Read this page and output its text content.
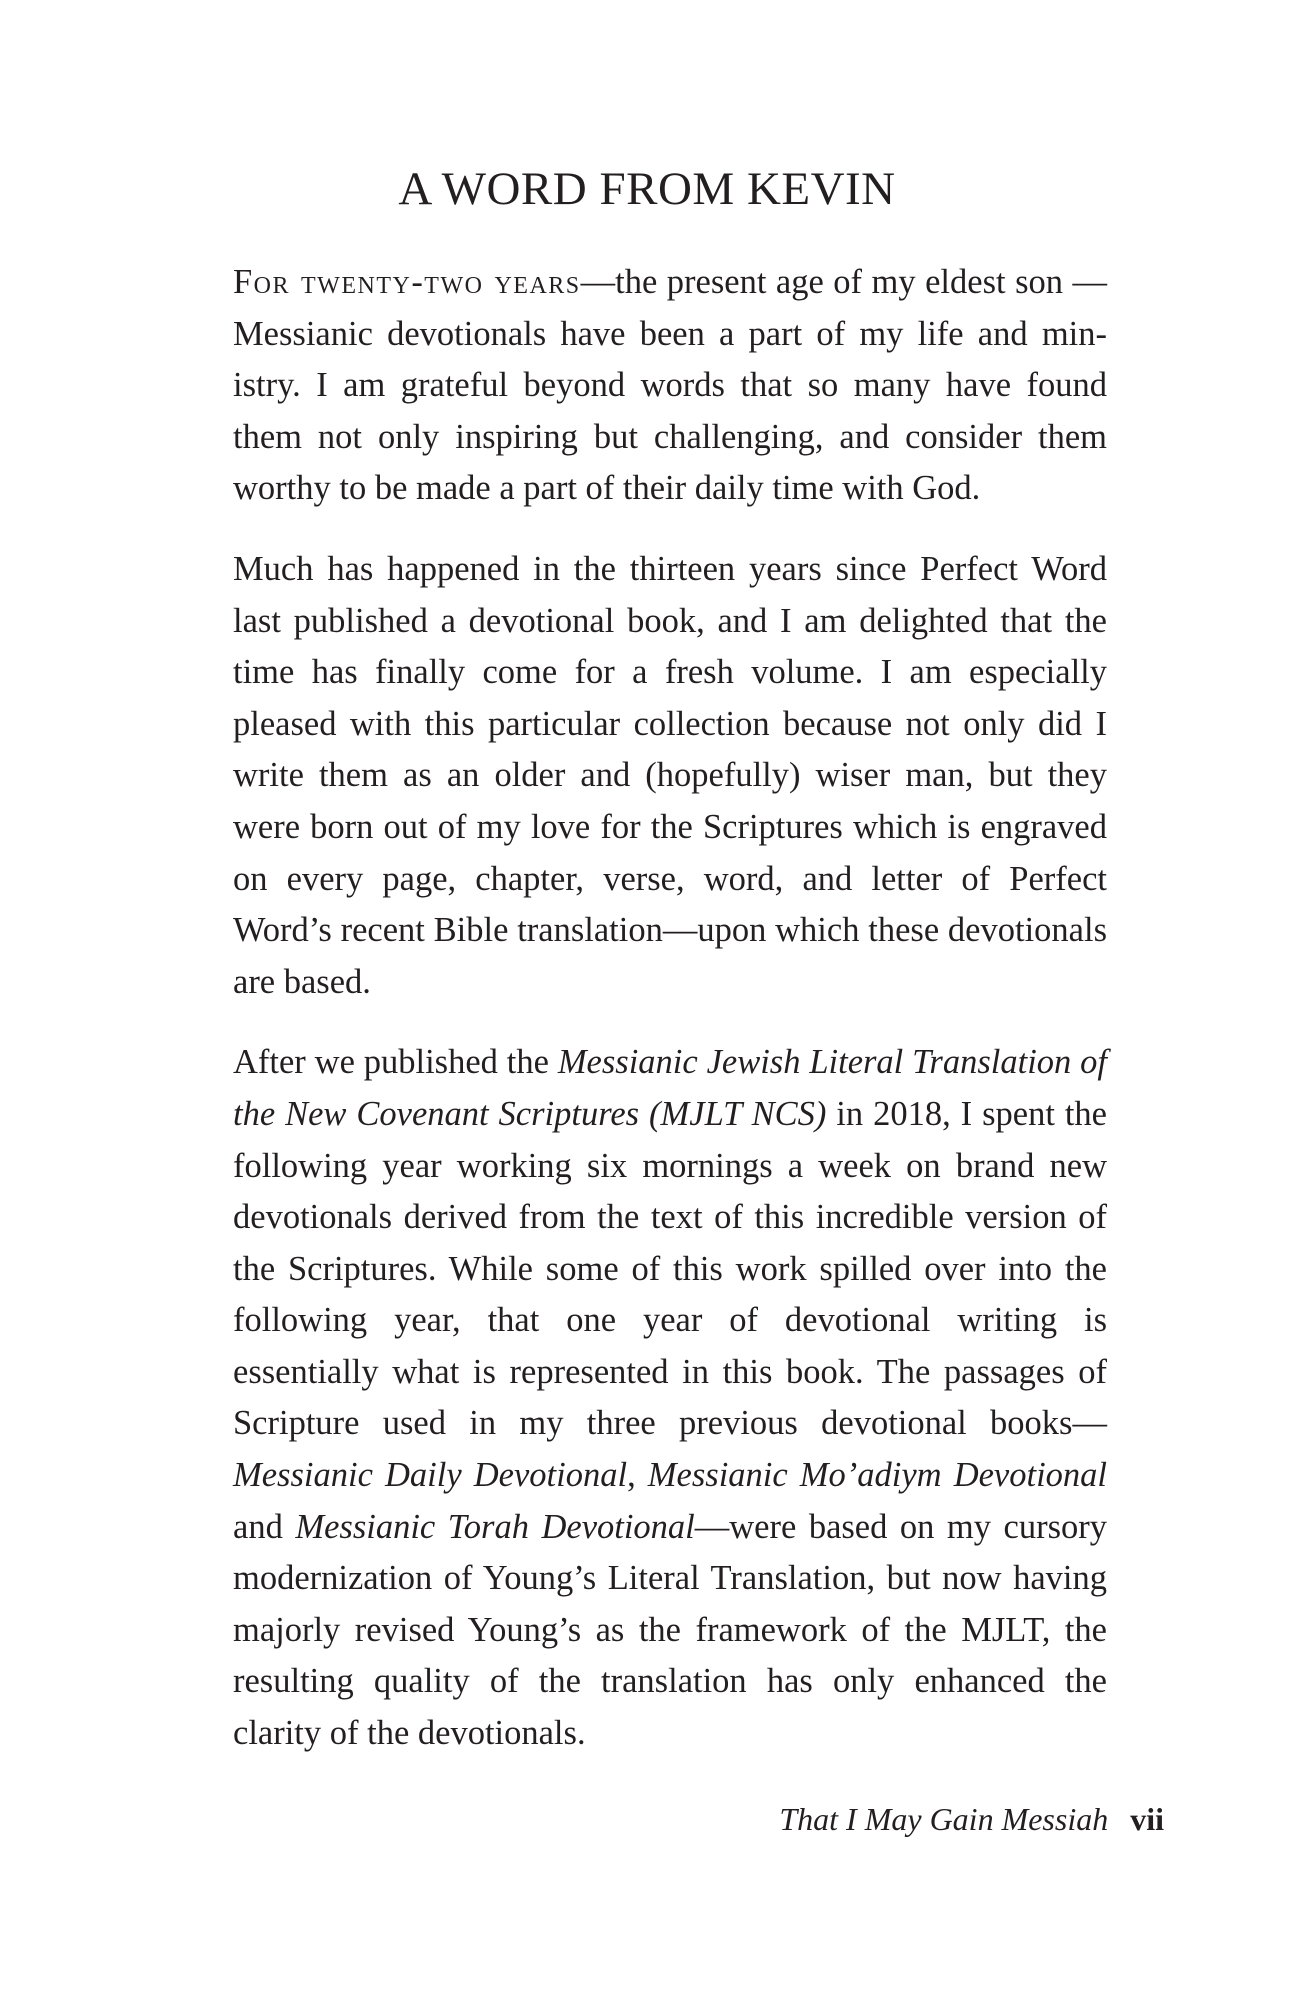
A WORD FROM KEVIN

For twenty-two years—the present age of my eldest son —Messianic devotionals have been a part of my life and ministry. I am grateful beyond words that so many have found them not only inspiring but challenging, and consider them worthy to be made a part of their daily time with God.

Much has happened in the thirteen years since Perfect Word last published a devotional book, and I am delighted that the time has finally come for a fresh volume. I am especially pleased with this particular collection because not only did I write them as an older and (hopefully) wiser man, but they were born out of my love for the Scriptures which is engraved on every page, chapter, verse, word, and letter of Perfect Word’s recent Bible translation—upon which these devotionals are based.

After we published the Messianic Jewish Literal Translation of the New Covenant Scriptures (MJLT NCS) in 2018, I spent the following year working six mornings a week on brand new devotionals derived from the text of this incredible version of the Scriptures. While some of this work spilled over into the following year, that one year of devotional writing is essentially what is represented in this book. The passages of Scripture used in my three previous devotional books—Messianic Daily Devotional, Messianic Mo’adiym Devotional and Messianic Torah Devotional—were based on my cursory modernization of Young’s Literal Translation, but now having majorly revised Young’s as the framework of the MJLT, the resulting quality of the translation has only enhanced the clarity of the devotionals.

That I May Gain Messiah vii
